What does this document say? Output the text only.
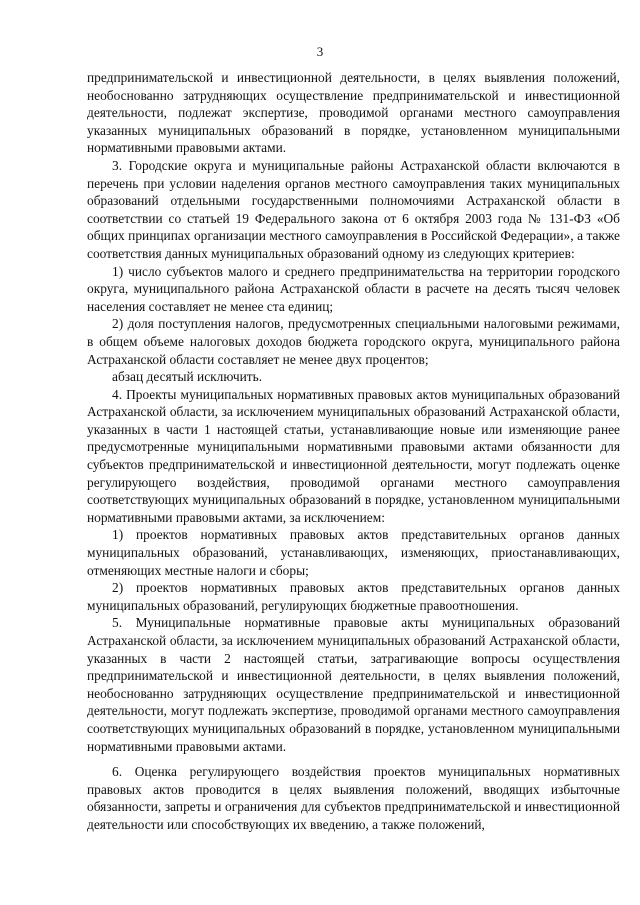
3

предпринимательской и инвестиционной деятельности, в целях выявления положений, необоснованно затрудняющих осуществление предпринимательской и инвестиционной деятельности, подлежат экспертизе, проводимой органами местного самоуправления указанных муниципальных образований в порядке, установленном муниципальными нормативными правовыми актами.

3. Городские округа и муниципальные районы Астраханской области включаются в перечень при условии наделения органов местного самоуправления таких муниципальных образований отдельными государственными полномочиями Астраханской области в соответствии со статьей 19 Федерального закона от 6 октября 2003 года № 131-ФЗ «Об общих принципах организации местного самоуправления в Российской Федерации», а также соответствия данных муниципальных образований одному из следующих критериев:

1) число субъектов малого и среднего предпринимательства на территории городского округа, муниципального района Астраханской области в расчете на десять тысяч человек населения составляет не менее ста единиц;

2) доля поступления налогов, предусмотренных специальными налоговыми режимами, в общем объеме налоговых доходов бюджета городского округа, муниципального района Астраханской области составляет не менее двух процентов;

абзац десятый исключить.

4. Проекты муниципальных нормативных правовых актов муниципальных образований Астраханской области, за исключением муниципальных образований Астраханской области, указанных в части 1 настоящей статьи, устанавливающие новые или изменяющие ранее предусмотренные муниципальными нормативными правовыми актами обязанности для субъектов предпринимательской и инвестиционной деятельности, могут подлежать оценке регулирующего воздействия, проводимой органами местного самоуправления соответствующих муниципальных образований в порядке, установленном муниципальными нормативными правовыми актами, за исключением:

1) проектов нормативных правовых актов представительных органов данных муниципальных образований, устанавливающих, изменяющих, приостанавливающих, отменяющих местные налоги и сборы;

2) проектов нормативных правовых актов представительных органов данных муниципальных образований, регулирующих бюджетные правоотношения.

5. Муниципальные нормативные правовые акты муниципальных образований Астраханской области, за исключением муниципальных образований Астраханской области, указанных в части 2 настоящей статьи, затрагивающие вопросы осуществления предпринимательской и инвестиционной деятельности, в целях выявления положений, необоснованно затрудняющих осуществление предпринимательской и инвестиционной деятельности, могут подлежать экспертизе, проводимой органами местного самоуправления соответствующих муниципальных образований в порядке, установленном муниципальными нормативными правовыми актами.

6. Оценка регулирующего воздействия проектов муниципальных нормативных правовых актов проводится в целях выявления положений, вводящих избыточные обязанности, запреты и ограничения для субъектов предпринимательской и инвестиционной деятельности или способствующих их введению, а также положений,
